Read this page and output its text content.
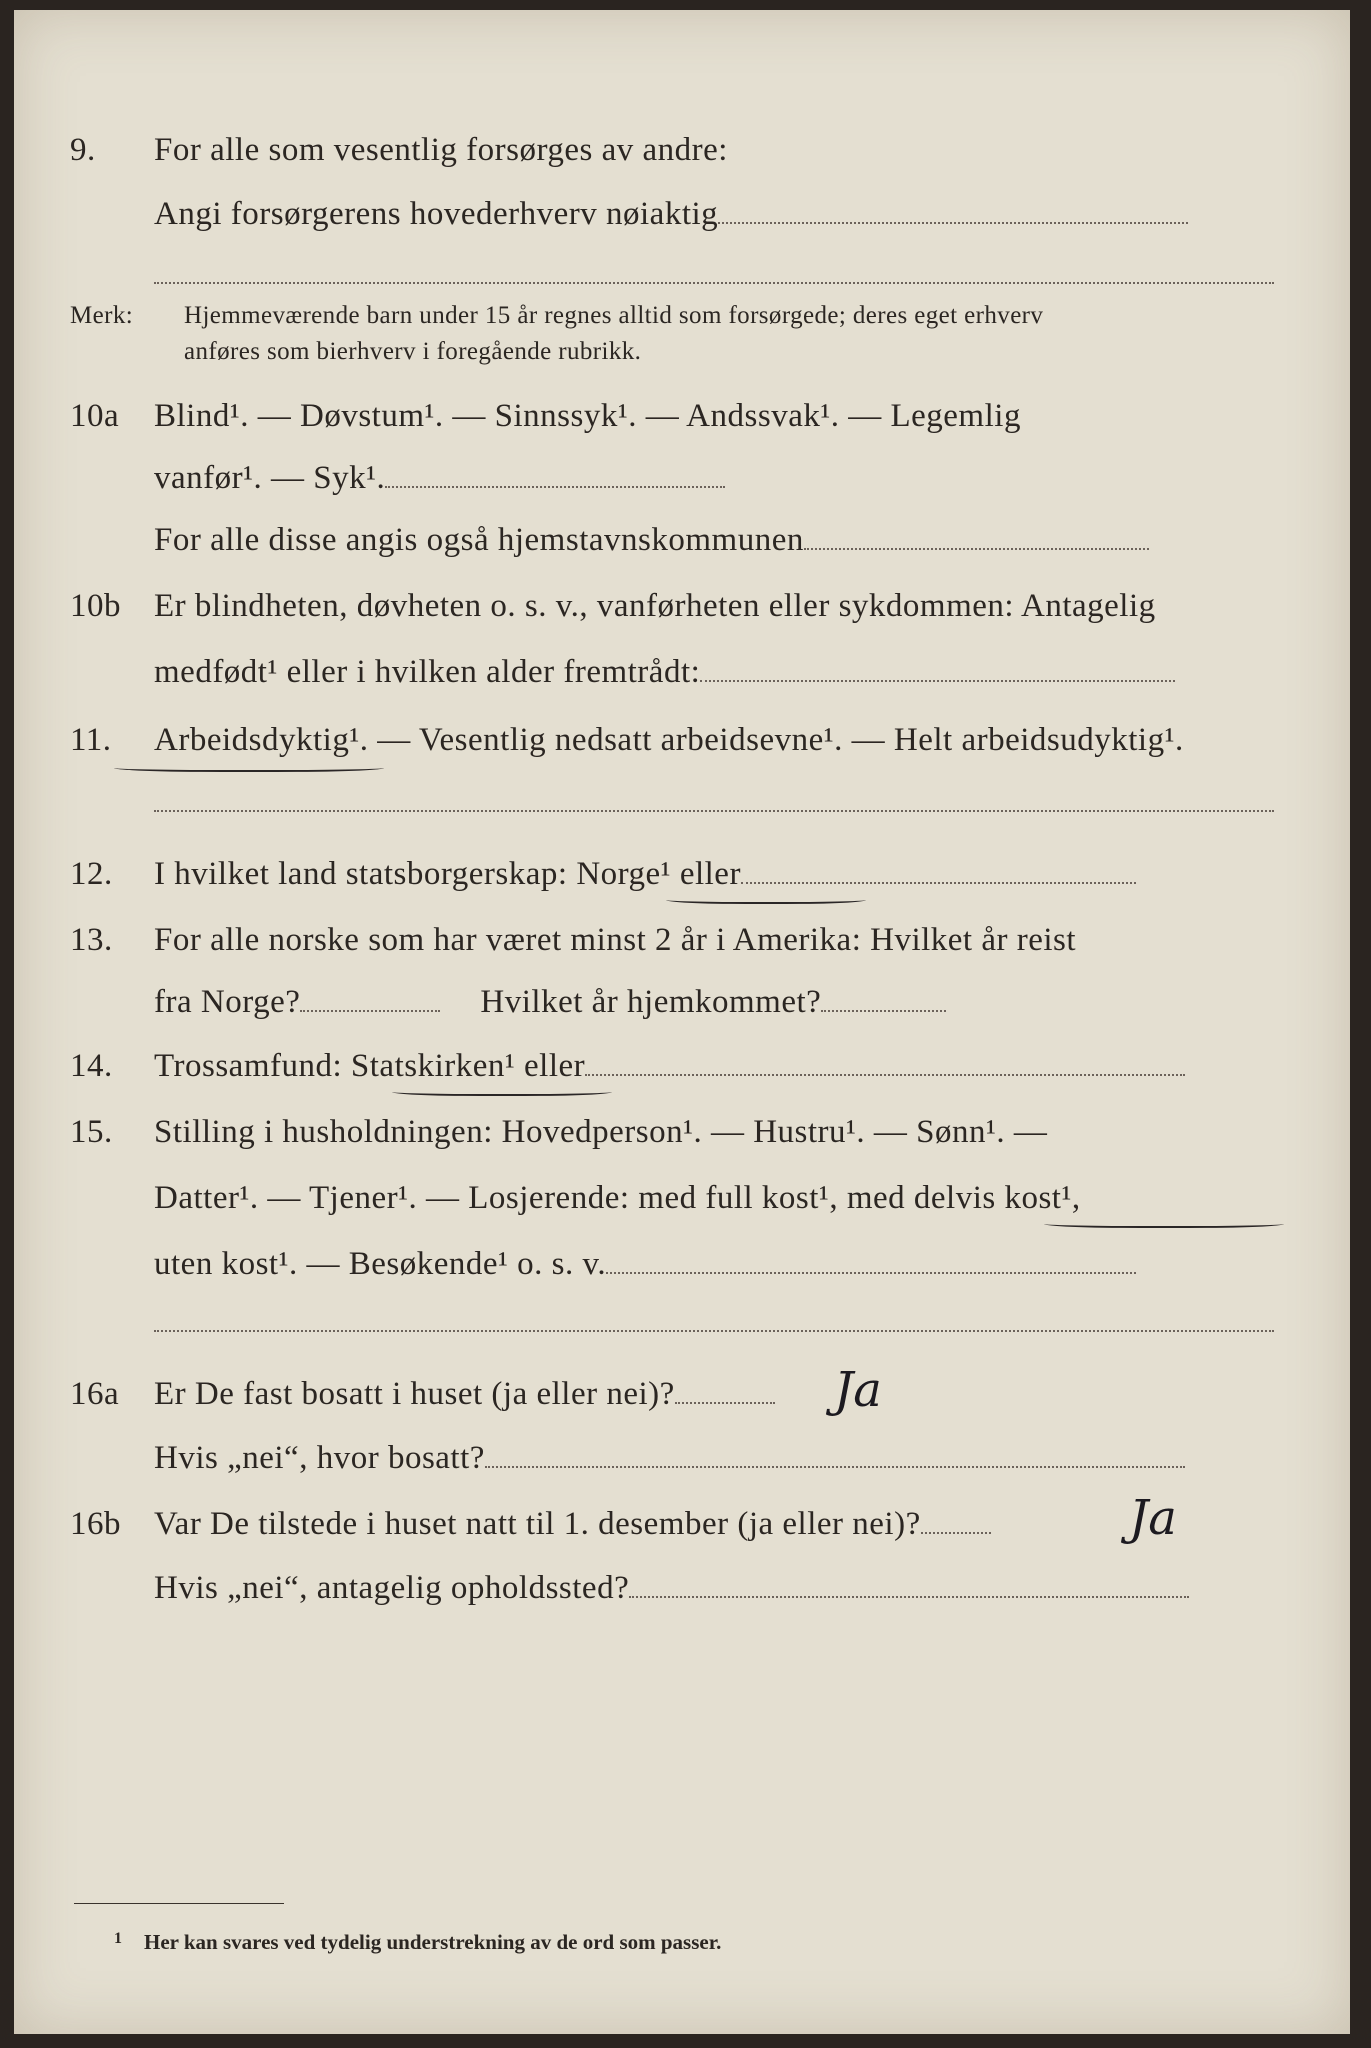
9. For alle som vesentlig forsørges av andre:
Angi forsørgerens hovederhverv nøiaktig
Merk: Hjemmeværende barn under 15 år regnes alltid som forsørgede; deres eget erhverv
anføres som bierhverv i foregående rubrikk.
10a Blind¹. — Døvstum¹. — Sinnssyk¹. — Andssvak¹. — Legemlig
vanfør¹. — Syk¹.
For alle disse angis også hjemstavnskommunen
10b Er blindheten, døvheten o. s. v., vanførheten eller sykdommen: Antagelig
medfødt¹ eller i hvilken alder fremtrådt:
11. Arbeidsdyktig¹. — Vesentlig nedsatt arbeidsevne¹. — Helt arbeidsudyktig¹.
12. I hvilket land statsborgerskap: Norge¹ eller
13. For alle norske som har været minst 2 år i Amerika: Hvilket år reist
fra Norge?	Hvilket år hjemkommet?
14. Trossamfund: Statskirken¹ eller
15. Stilling i husholdningen: Hovedperson¹. — Hustru¹. — Sønn¹. —
Datter¹. — Tjener¹. — Losjerende: med full kost¹, med delvis kost¹,
uten kost¹. — Besøkende¹ o. s. v.
16a Er De fast bosatt i huset (ja eller nei)?	Ja
Hvis „nei“, hvor bosatt?
16b Var De tilstede i huset natt til 1. desember (ja eller nei)?	Ja
Hvis „nei“, antagelig opholdssted?
1 Her kan svares ved tydelig understrekning av de ord som passer.
